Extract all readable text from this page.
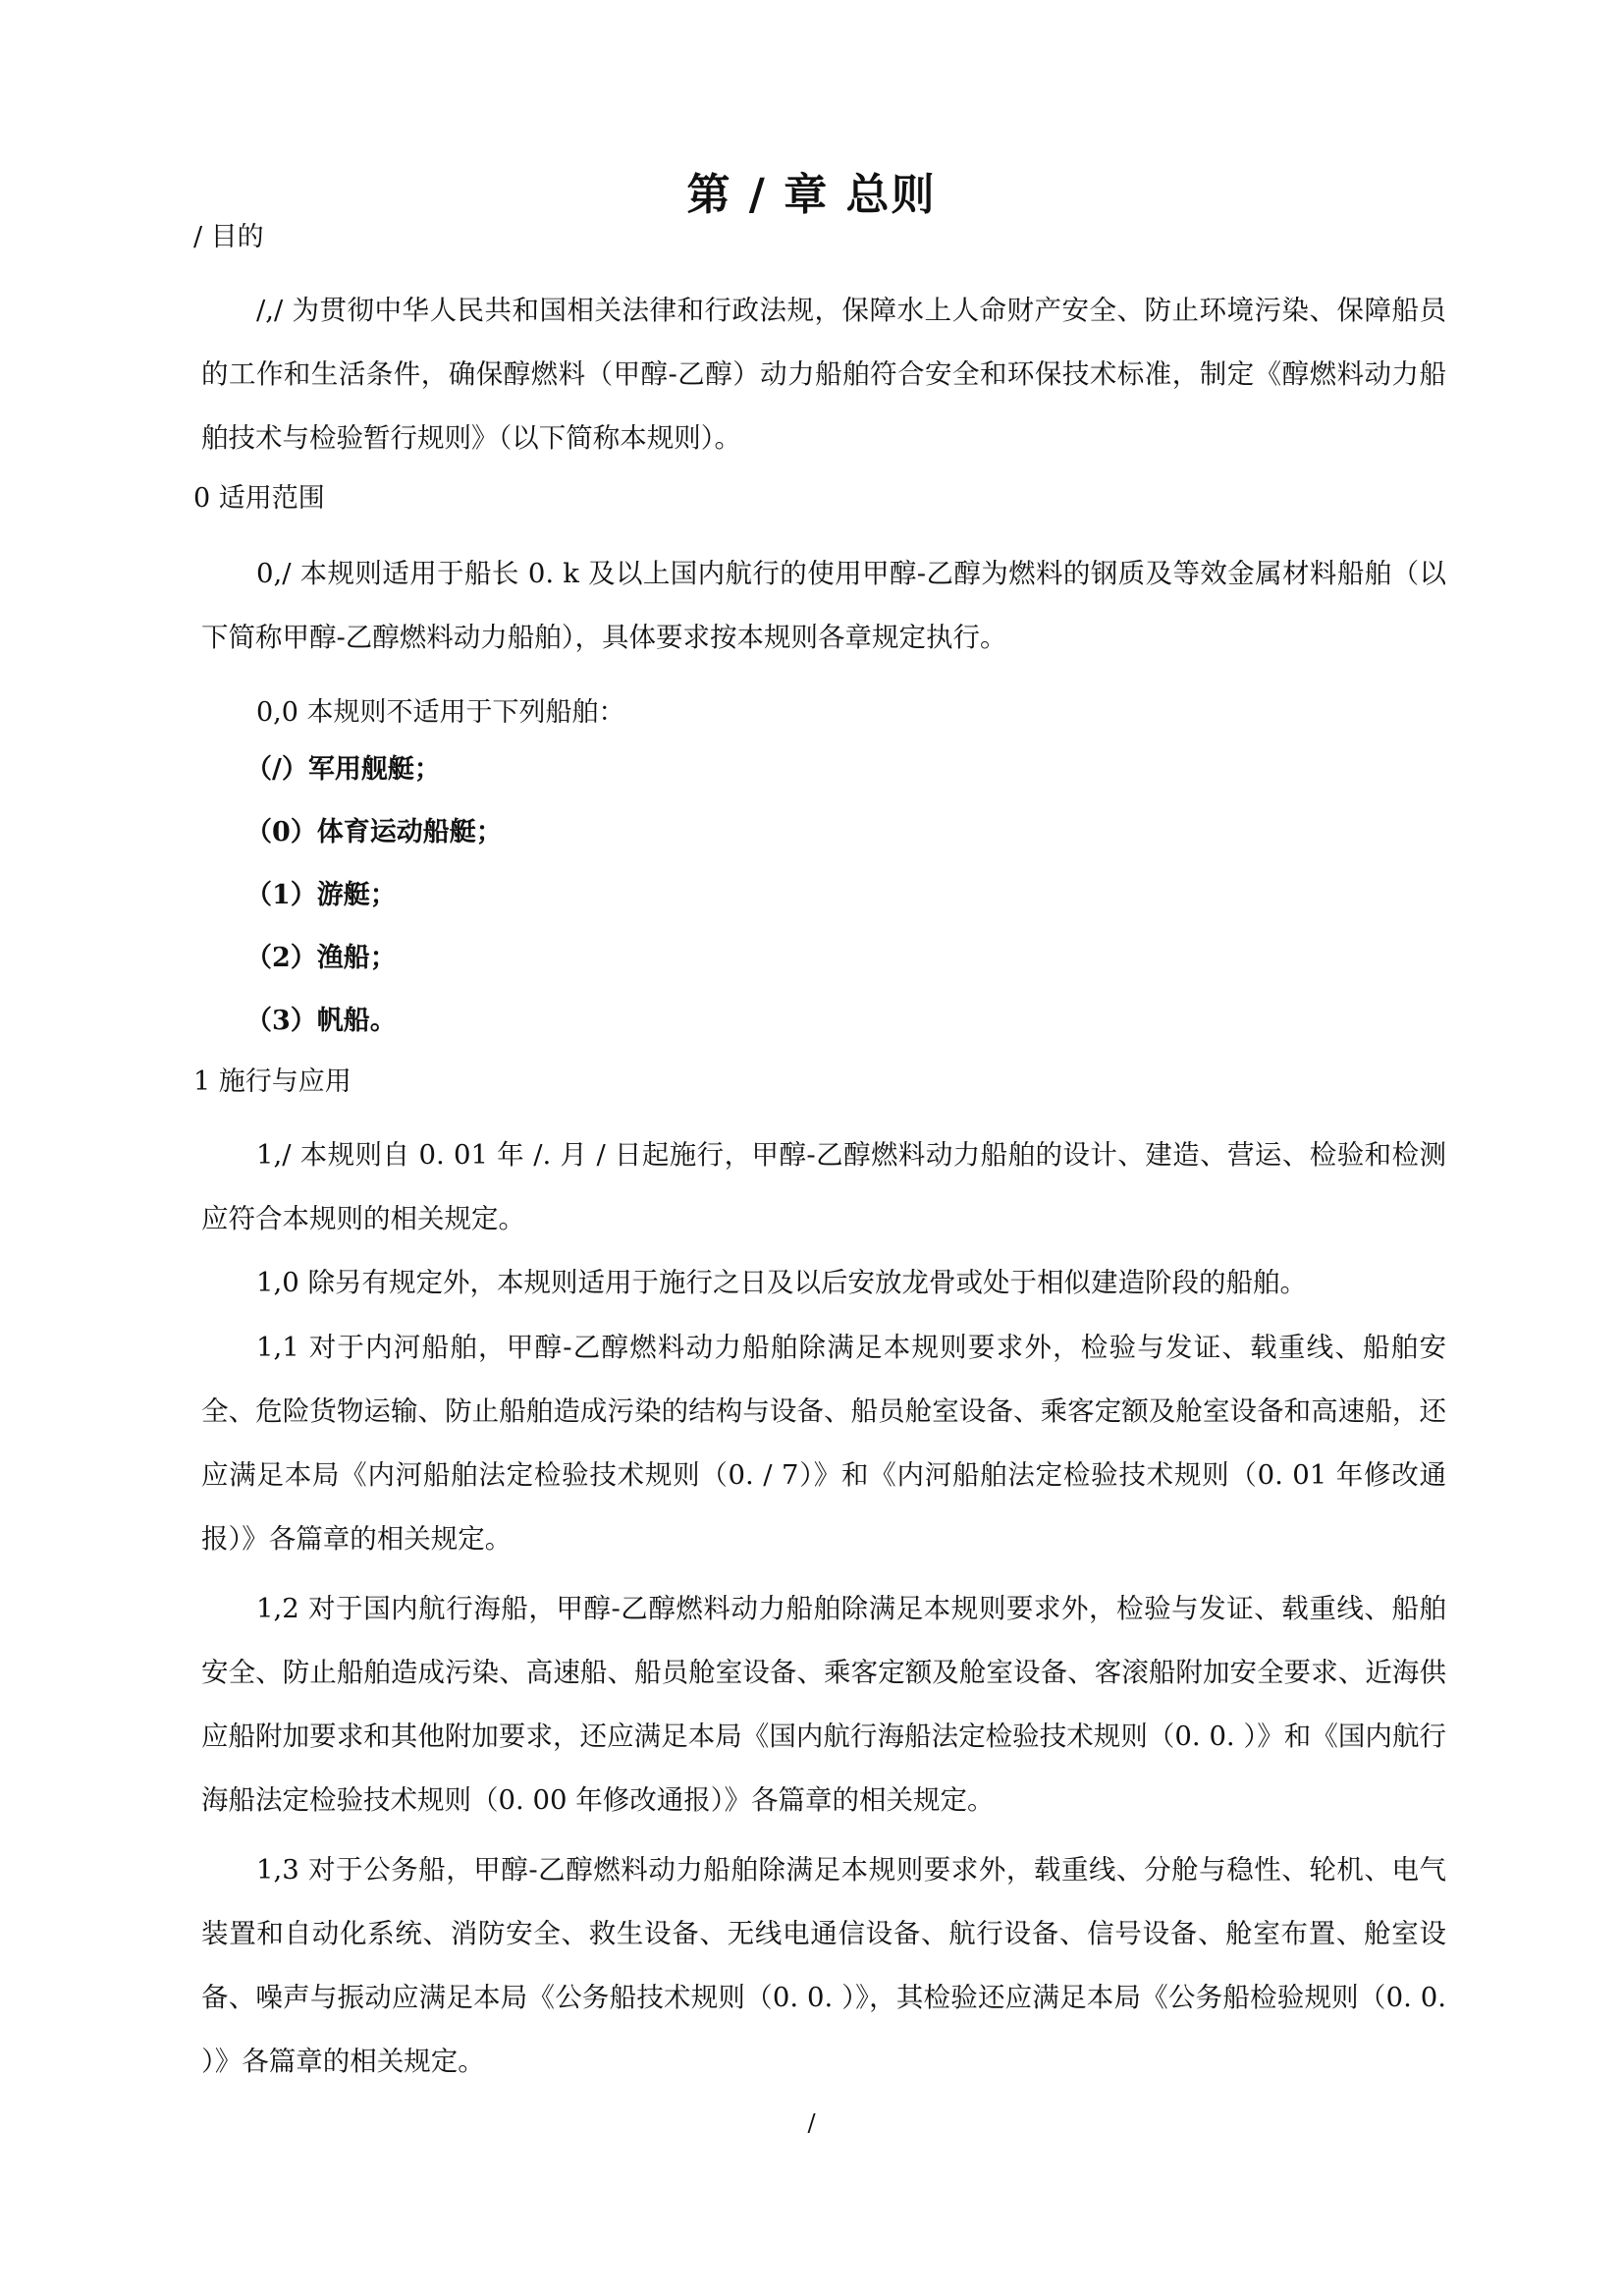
第 / 章 总则
/ 目的
/,/ 为贯彻中华人民共和国相关法律和行政法规，保障水上人命财产安全、防止环境污染、保障船员的工作和生活条件，确保醇燃料（甲醇-乙醇）动力船舶符合安全和环保技术标准，制定《醇燃料动力船舶技术与检验暂行规则》（以下简称本规则）。
0 适用范围
0,/ 本规则适用于船长 0. k 及以上国内航行的使用甲醇-乙醇为燃料的钢质及等效金属材料船舶（以下简称甲醇-乙醇燃料动力船舶），具体要求按本规则各章规定执行。
0,0 本规则不适用于下列船舶：
（/）军用舰艇；
（0）体育运动船艇；
（1）游艇；
（2）渔船；
（3）帆船。
1 施行与应用
1,/ 本规则自 0. 01 年 /. 月 / 日起施行，甲醇-乙醇燃料动力船舶的设计、建造、营运、检验和检测应符合本规则的相关规定。
1,0 除另有规定外，本规则适用于施行之日及以后安放龙骨或处于相似建造阶段的船舶。
1,1 对于内河船舶，甲醇-乙醇燃料动力船舶除满足本规则要求外，检验与发证、载重线、船舶安全、危险货物运输、防止船舶造成污染的结构与设备、船员舱室设备、乘客定额及舱室设备和高速船，还应满足本局《内河船舶法定检验技术规则（0. / 7）》和《内河船舶法定检验技术规则（0. 01 年修改通报）》各篇章的相关规定。
1,2 对于国内航行海船，甲醇-乙醇燃料动力船舶除满足本规则要求外，检验与发证、载重线、船舶安全、防止船舶造成污染、高速船、船员舱室设备、乘客定额及舱室设备、客滚船附加安全要求、近海供应船附加要求和其他附加要求，还应满足本局《国内航行海船法定检验技术规则（0. 0. ）》和《国内航行海船法定检验技术规则（0. 00 年修改通报）》各篇章的相关规定。
1,3 对于公务船，甲醇-乙醇燃料动力船舶除满足本规则要求外，载重线、分舱与稳性、轮机、电气装置和自动化系统、消防安全、救生设备、无线电通信设备、航行设备、信号设备、舱室布置、舱室设备、噪声与振动应满足本局《公务船技术规则（0. 0. ）》，其检验还应满足本局《公务船检验规则（0. 0. ）》各篇章的相关规定。
/
